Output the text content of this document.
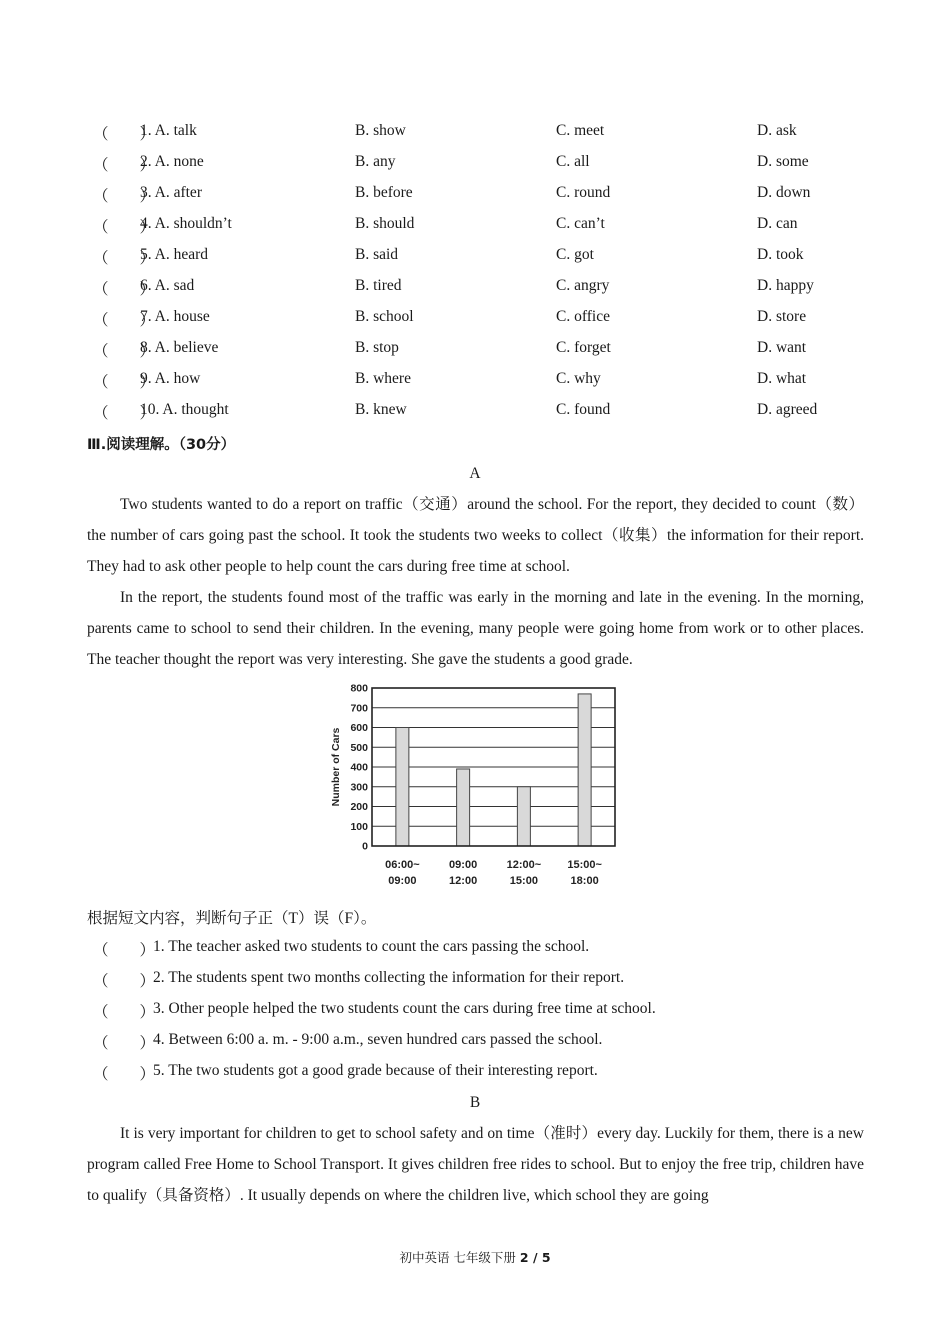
（　　）
1. A. talk	B. show	C. meet	D. ask
（　　）
2. A. none	B. any	C. all	D. some
（　　）
3. A. after	B. before	C. round	D. down
（　　）
4. A. shouldn’t	B. should	C. can’t	D. can
（　　）
5. A. heard	B. said	C. got	D. took
（　　）
6. A. sad	B. tired	C. angry	D. happy
（　　）
7. A. house	B. school	C. office	D. store
（　　）
8. A. believe	B. stop	C. forget	D. want
（　　）
9. A. how	B. where	C. why	D. what
（　　）
10. A. thought	B. knew	C. found	D. agreed
Ⅲ.阅读理解。（30分）
A
Two students wanted to do a report on traffic（交通）around the school. For the report, they decided to count（数）the number of cars going past the school. It took the students two weeks to collect（收集）the information for their report. They had to ask other people to help count the cars during free time at school.
In the report, the students found most of the traffic was early in the morning and late in the evening. In the morning, parents came to school to send their children. In the evening, many people were going home from work or to other places. The teacher thought the report was very interesting. She gave the students a good grade.
0
100
200
300
400
500
600
700
800
06:00~
09:00
09:00
12:00
12:00~
15:00
15:00~
18:00
Number of Cars
根据短文内容，判断句子正（T）误（F）。
（　　）
1. The teacher asked two students to count the cars passing the school.
（　　）
2. The students spent two months collecting the information for their report.
（　　）
3. Other people helped the two students count the cars during free time at school.
（　　）
4. Between 6:00 a. m. - 9:00 a.m., seven hundred cars passed the school.
（　　）
5. The two students got a good grade because of their interesting report.
B
It is very important for children to get to school safety and on time（准时）every day. Luckily for them, there is a new program called Free Home to School Transport. It gives children free rides to school. But to enjoy the free trip, children have to qualify（具备资格）. It usually depends on where the children live, which school they are going
初中英语 七年级下册 2 / 5
